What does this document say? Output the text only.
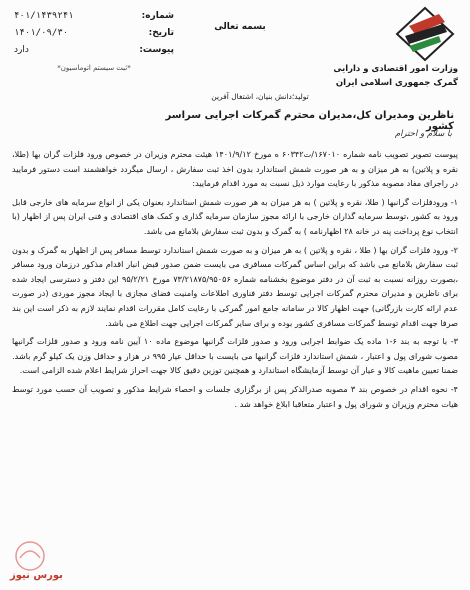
شماره:
۴۰۱/۱۴۳۹۲۴۱
تاریخ:
۱۴۰۱/۰۹/۳۰
پیوست:
دارد
*ثبت سیستم اتوماسیون*
بسمه تعالی
وزارت امور اقتصادی و دارایی
گمرک جمهوری اسلامی ایران
تولید؛دانش بنیان، اشتغال آفرین
ناظرین ومدیران کل،مدیران محترم گمرکات اجرایی سراسر کشور
با سلام و احترام

پیوست تصویر تصویب نامه شماره ۱۶۷۰۱۰/ت۶۰۳۴۲ ه مورخ ۱۴۰۱/۹/۱۲ هیئت محترم وزیران در خصوص ورود فلزات گران بها (طلا، نقره و پلاتین) به هر میزان و به هر صورت شمش استاندارد بدون اخذ ثبت سفارش ، ارسال میگردد خواهشمند است دستور فرمایید در راجرای مفاد مصوبه مذکور با رعایت موارد ذیل نسبت به مورد اقدام فرمایید:

۱- ورودفلزات گرانبها ( طلا، نقره و پلاتین ) به هر میزان به هر صورت شمش استاندارد بعنوان یکی از انواع سرمایه های خارجی قابل ورود به کشور ،توسط سرمایه گذاران خارجی با ارائه مجوز سازمان سرمایه گذاری و کمک های اقتصادی و فنی ایران پس از اظهار (با انتخاب نوع پرداخت پنه در خانه ۲۸ اظهارنامه ) به گمرک و بدون ثبت سفارش بلامانع می باشد.

۲- ورود فلزات گران بها ( طلا ، نقره و پلاتین ) به هر میزان و به صورت شمش استاندارد توسط مسافر پس از اظهار به گمرک و بدون ثبت سفارش بلامانع می باشد که براین اساس گمرکات مسافری می بایست ضمن صدور قبض انبار اقدام مذکور درزمان ورود مسافر ،بصورت روزانه نسبت به ثبت آن در دفتر موضوع بخشنامه شماره ۷۳/۲۱۸۷۵/۹۵۰۵۶ مورخ ۹۵/۲/۲۱ این دفتر و دسترسی ایجاد شده برای ناظرین و مدیران محترم گمرکات اجرایی توسط دفتر فناوری اطلاعات وامنیت فضای مجازی با ایجاد مجوز موردی (در صورت عدم ارائه کارت بازرگانی) جهت اظهار کالا در سامانه جامع امور گمرکی با رعایت کامل مقررات اقدام نمایند لازم به ذکر است این بند صرفا جهت اقدام توسط گمرکات مسافری کشور بوده و برای سایر گمرکات اجرایی جهت اطلاع می باشد.

۳- با توجه به بند ۶-۱ ماده یک ضوابط اجرایی ورود و صدور فلزات گرانبها موضوع ماده ۱۰ آیین نامه ورود و صدور فلزات گرانبها مصوب شورای پول و اعتبار ، شمش استاندارد فلزات گرانبها می بایست با حداقل عیار ۹۹۵ در هزار و حداقل وزن یک کیلو گرم باشد. ضمنا تعیین ماهیت کالا و عیار آن توسط آزمایشگاه استاندارد و همچنین توزین دقیق کالا جهت احراز شرایط اعلام شده الزامی است.

۴- نحوه اقدام در خصوص بند ۳ مصوبه صدرالذکر پس از برگزاری جلسات و احصاء شرایط مذکور و تصویب آن حسب مورد توسط هیات محترم وزیران و شورای پول و اعتبار متعاقبا ابلاغ خواهد شد .

بورس نیوز
